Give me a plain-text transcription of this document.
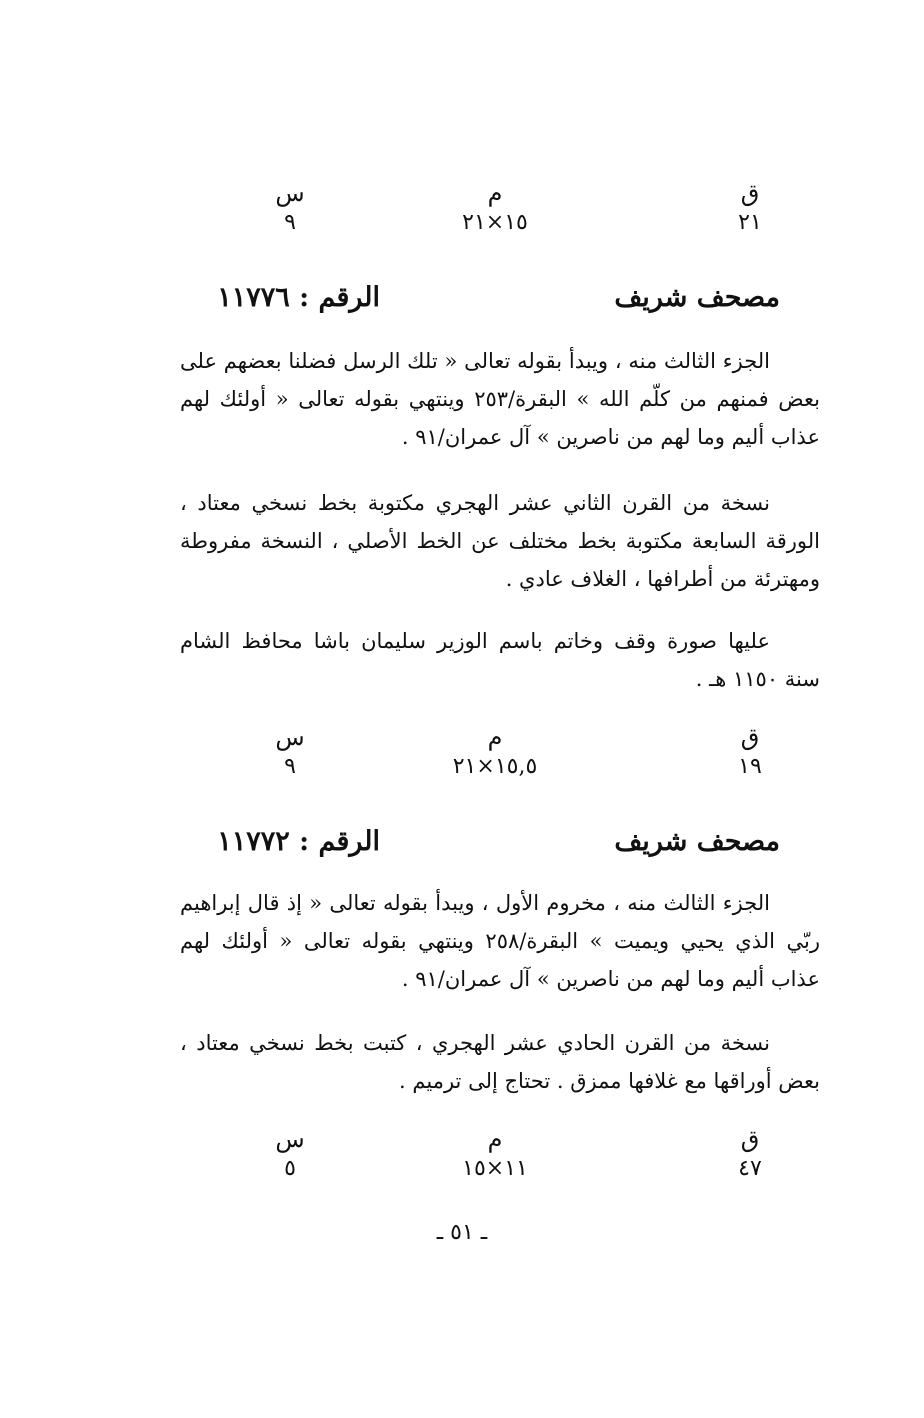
ق
٢١
م
١٥×٢١
س
٩
مصحف شريف
الرقم : ١١٧٧٦

الجزء الثالث منه ، ويبدأ بقوله تعالى « تلك الرسل فضلنا بعضهم على بعض فمنهم من كلّم الله » البقرة/٢٥٣ وينتهي بقوله تعالى « أولئك لهم عذاب أليم وما لهم من ناصرين » آل عمران/٩١ .

نسخة من القرن الثاني عشر الهجري مكتوبة بخط نسخي معتاد ، الورقة السابعة مكتوبة بخط مختلف عن الخط الأصلي ، النسخة مفروطة ومهترئة من أطرافها ، الغلاف عادي .

عليها صورة وقف وخاتم باسم الوزير سليمان باشا محافظ الشام سنة ١١٥٠ هـ .

ق
١٩
م
١٥,٥×٢١
س
٩
مصحف شريف
الرقم : ١١٧٧٢

الجزء الثالث منه ، مخروم الأول ، ويبدأ بقوله تعالى « إذ قال إبراهيم ربّي الذي يحيي ويميت » البقرة/٢٥٨ وينتهي بقوله تعالى « أولئك لهم عذاب أليم وما لهم من ناصرين » آل عمران/٩١ .

نسخة من القرن الحادي عشر الهجري ، كتبت بخط نسخي معتاد ، بعض أوراقها مع غلافها ممزق . تحتاج إلى ترميم .

ق
٤٧
م
١١×١٥
س
٥
ـ ٥١ ـ
